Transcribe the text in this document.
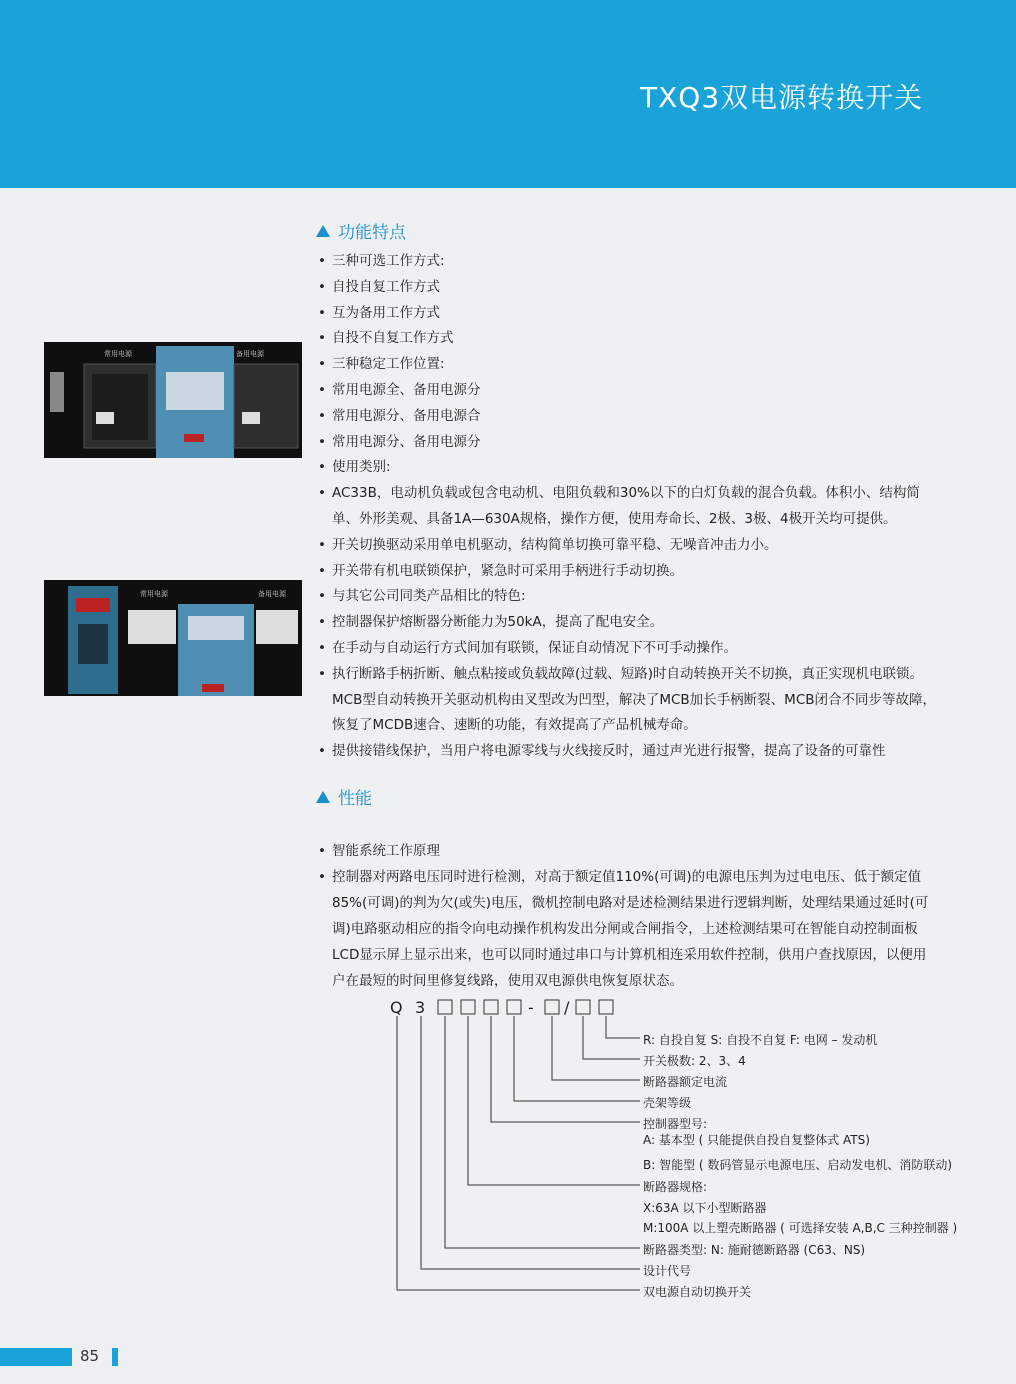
TXQ3双电源转换开关
功能特点
• 三种可选工作方式:
• 自投自复工作方式
• 互为备用工作方式
• 自投不自复工作方式
• 三种稳定工作位置:
• 常用电源全、备用电源分
• 常用电源分、备用电源合
• 常用电源分、备用电源分
• 使用类别:
• AC33B，电动机负载或包含电动机、电阻负载和30%以下的白灯负载的混合负载。体积小、结构简
单、外形美观、具备1A—630A规格，操作方便，使用寿命长、2极、3极、4极开关均可提供。
• 开关切换驱动采用单电机驱动，结构简单切换可靠平稳、无噪音冲击力小。
• 开关带有机电联锁保护，紧急时可采用手柄进行手动切换。
• 与其它公司同类产品相比的特色:
• 控制器保护熔断器分断能力为50kA，提高了配电安全。
• 在手动与自动运行方式间加有联锁，保证自动情况下不可手动操作。
• 执行断路手柄折断、触点粘接或负载故障(过载、短路)时自动转换开关不切换，真正实现机电联锁。
MCB型自动转换开关驱动机构由叉型改为凹型，解决了MCB加长手柄断裂、MCB闭合不同步等故障，
恢复了MCDB速合、速断的功能，有效提高了产品机械寿命。
• 提供接错线保护，当用户将电源零线与火线接反时，通过声光进行报警，提高了设备的可靠性
常用电源	备用电源
常用电源	备用电源
性能
• 智能系统工作原理
• 控制器对两路电压同时进行检测，对高于额定值110%(可调)的电源电压判为过电电压、低于额定值
85%(可调)的判为欠(或失)电压，微机控制电路对是述检测结果进行逻辑判断，处理结果通过延时(可
调)电路驱动相应的指令向电动操作机构发出分闸或合闸指令，上述检测结果可在智能自动控制面板
LCD显示屏上显示出来，也可以同时通过串口与计算机相连采用软件控制，供用户查找原因，以便用
户在最短的时间里修复线路，使用双电源供电恢复原状态。
Q 3	- /
R: 自投自复 S: 自投不自复 F: 电网 – 发动机
开关极数: 2、3、4
断路器额定电流
壳架等级
控制器型号:
A: 基本型 ( 只能提供自投自复整体式 ATS)
B: 智能型 ( 数码管显示电源电压、启动发电机、消防联动)
断路器规格:
X:63A 以下小型断路器
M:100A 以上塑壳断路器 ( 可选择安装 A,B,C 三种控制器 )
断路器类型: N: 施耐德断路器 (C63、NS)
设计代号
双电源自动切换开关
85
